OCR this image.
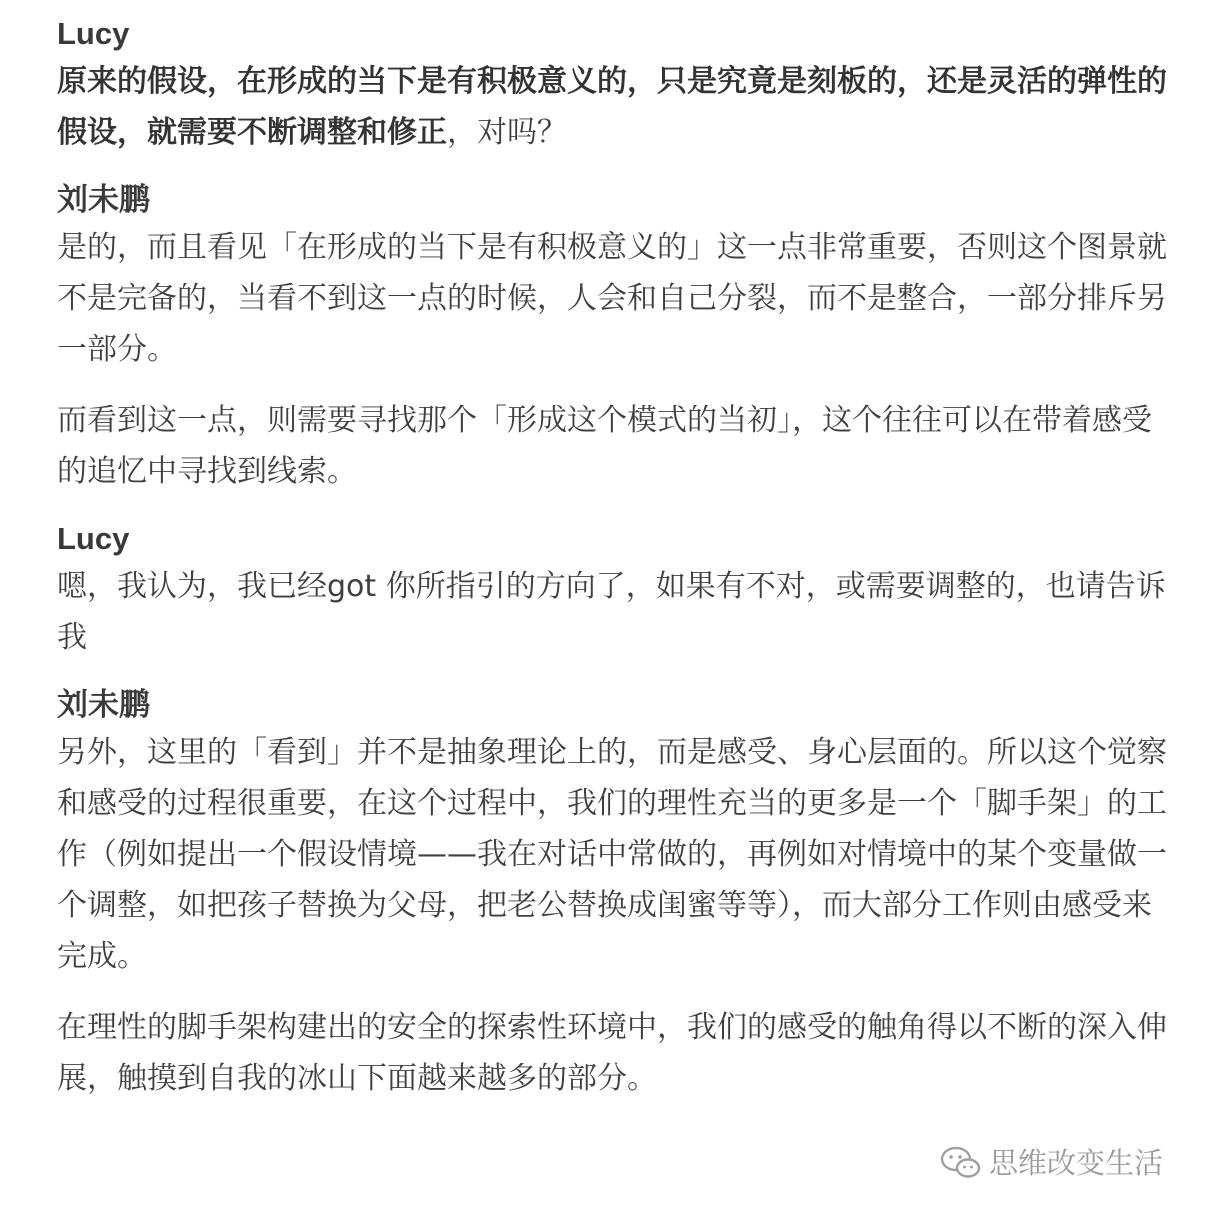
Lucy

原来的假设，在形成的当下是有积极意义的，只是究竟是刻板的，还是灵活的弹性的假设，就需要不断调整和修正，对吗？

刘未鹏

是的，而且看见「在形成的当下是有积极意义的」这一点非常重要，否则这个图景就不是完备的，当看不到这一点的时候，人会和自己分裂，而不是整合，一部分排斥另一部分。

而看到这一点，则需要寻找那个「形成这个模式的当初」，这个往往可以在带着感受的追忆中寻找到线索。

Lucy

嗯，我认为，我已经got 你所指引的方向了，如果有不对，或需要调整的，也请告诉我

刘未鹏

另外，这里的「看到」并不是抽象理论上的，而是感受、身心层面的。所以这个觉察和感受的过程很重要，在这个过程中，我们的理性充当的更多是一个「脚手架」的工作（例如提出一个假设情境——我在对话中常做的，再例如对情境中的某个变量做一个调整，如把孩子替换为父母，把老公替换成闺蜜等等），而大部分工作则由感受来完成。

在理性的脚手架构建出的安全的探索性环境中，我们的感受的触角得以不断的深入伸展，触摸到自我的冰山下面越来越多的部分。

思维改变生活
